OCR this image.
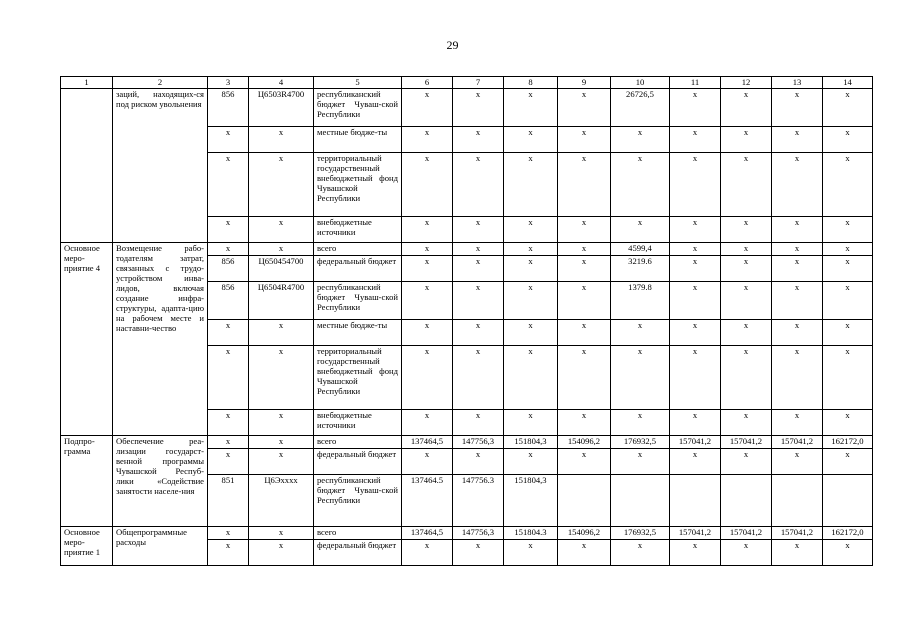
29
1	2	3	4	5	6	7	8	9	10	11	12	13	14
	заций, находящих-ся под риском увольнения	856	Ц6503R4700	республиканский бюджет Чуваш-ской Республики	x	x	x	x	26726,5	x	x	x	x
		x	x	местные бюдже-ты	x	x	x	x	x	x	x	x	x
		x	x	территориальный государственный внебюджетный фонд Чувашской Республики	x	x	x	x	x	x	x	x	x
		x	x	внебюджетные источники	x	x	x	x	x	x	x	x	x
Основное меро-приятие 4	Возмещение рабо-тодателям затрат, связанных с трудо-устройством инва-лидов, включая создание инфра-структуры, адапта-цию на рабочем месте и наставни-чество	x	x	всего	x	x	x	x	4599,4	x	x	x	x
		856	Ц650454700	федеральный бюджет	x	x	x	x	3219.6	x	x	x	x
		856	Ц6504R4700	республиканский бюджет Чуваш-ской Республики	x	x	x	x	1379.8	x	x	x	x
		x	x	местные бюдже-ты	x	x	x	x	x	x	x	x	x
		x	x	территориальный государственный внебюджетный фонд Чувашской Республики	x	x	x	x	x	x	x	x	x
		x	x	внебюджетные источники	x	x	x	x	x	x	x	x	x
Подпро-грамма	Обеспечение реа-лизации государст-венной программы Чувашской Респуб-лики «Содействие занятости населе-ния	x	x	всего	137464,5	147756,3	151804,3	154096,2	176932,5	157041,2	157041,2	157041,2	162172,0
		x	x	федеральный бюджет	x	x	x	x	x	x	x	x	x
		851	Ц6Эхххх	республиканский бюджет Чуваш-ской Республики	137464.5	147756.3	151804,3						
Основное меро-приятие 1	Общепрограммные расходы	x	x	всего	137464,5	147756,3	151804.3	154096,2	176932,5	157041,2	157041,2	157041,2	162172,0
		x	x	федеральный бюджет	x	x	x	x	x	x	x	x	x
